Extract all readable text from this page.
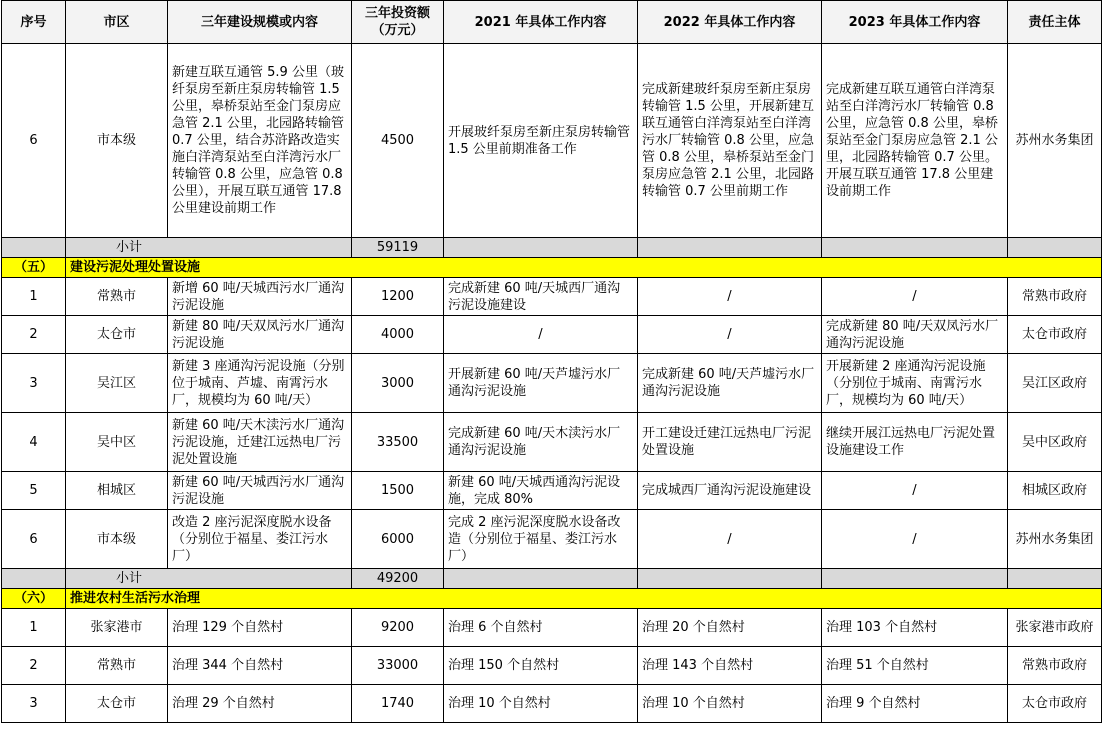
序号	市区	三年建设规模或内容	三年投资额（万元）	2021 年具体工作内容	2022 年具体工作内容	2023 年具体工作内容	责任主体
6	市本级	新建互联互通管 5.9 公里（玻纤泵房至新庄泵房转输管 1.5 公里，皋桥泵站至金门泵房应急管 2.1 公里，北园路转输管 0.7 公里，结合苏浒路改造实施白洋湾泵站至白洋湾污水厂转输管 0.8 公里，应急管 0.8 公里），开展互联互通管 17.8 公里建设前期工作	4500	开展玻纤泵房至新庄泵房转输管 1.5 公里前期准备工作	完成新建玻纤泵房至新庄泵房转输管 1.5 公里，开展新建互联互通管白洋湾泵站至白洋湾污水厂转输管 0.8 公里，应急管 0.8 公里，皋桥泵站至金门泵房应急管 2.1 公里，北园路转输管 0.7 公里前期工作	完成新建互联互通管白洋湾泵站至白洋湾污水厂转输管 0.8 公里，应急管 0.8 公里，皋桥泵站至金门泵房应急管 2.1 公里，北园路转输管 0.7 公里。开展互联互通管 17.8 公里建设前期工作	苏州水务集团
	小计		59119				
（五）	建设污泥处理处置设施						
1	常熟市	新增 60 吨/天城西污水厂通沟污泥设施	1200	完成新建 60 吨/天城西厂通沟污泥设施建设	/	/	常熟市政府
2	太仓市	新建 80 吨/天双凤污水厂通沟污泥设施	4000	/	/	完成新建 80 吨/天双凤污水厂通沟污泥设施	太仓市政府
3	吴江区	新建 3 座通沟污泥设施（分别位于城南、芦墟、南霄污水厂，规模均为 60 吨/天）	3000	开展新建 60 吨/天芦墟污水厂通沟污泥设施	完成新建 60 吨/天芦墟污水厂通沟污泥设施	开展新建 2 座通沟污泥设施（分别位于城南、南霄污水厂，规模均为 60 吨/天）	吴江区政府
4	吴中区	新建 60 吨/天木渎污水厂通沟污泥设施，迁建江远热电厂污泥处置设施	33500	完成新建 60 吨/天木渎污水厂通沟污泥设施	开工建设迁建江远热电厂污泥处置设施	继续开展江远热电厂污泥处置设施建设工作	吴中区政府
5	相城区	新建 60 吨/天城西污水厂通沟污泥设施	1500	新建 60 吨/天城西通沟污泥设施，完成 80%	完成城西厂通沟污泥设施建设	/	相城区政府
6	市本级	改造 2 座污泥深度脱水设备（分别位于福星、娄江污水厂）	6000	完成 2 座污泥深度脱水设备改造（分别位于福星、娄江污水厂）	/	/	苏州水务集团
	小计		49200				
（六）	推进农村生活污水治理						
1	张家港市	治理 129 个自然村	9200	治理 6 个自然村	治理 20 个自然村	治理 103 个自然村	张家港市政府
2	常熟市	治理 344 个自然村	33000	治理 150 个自然村	治理 143 个自然村	治理 51 个自然村	常熟市政府
3	太仓市	治理 29 个自然村	1740	治理 10 个自然村	治理 10 个自然村	治理 9 个自然村	太仓市政府
